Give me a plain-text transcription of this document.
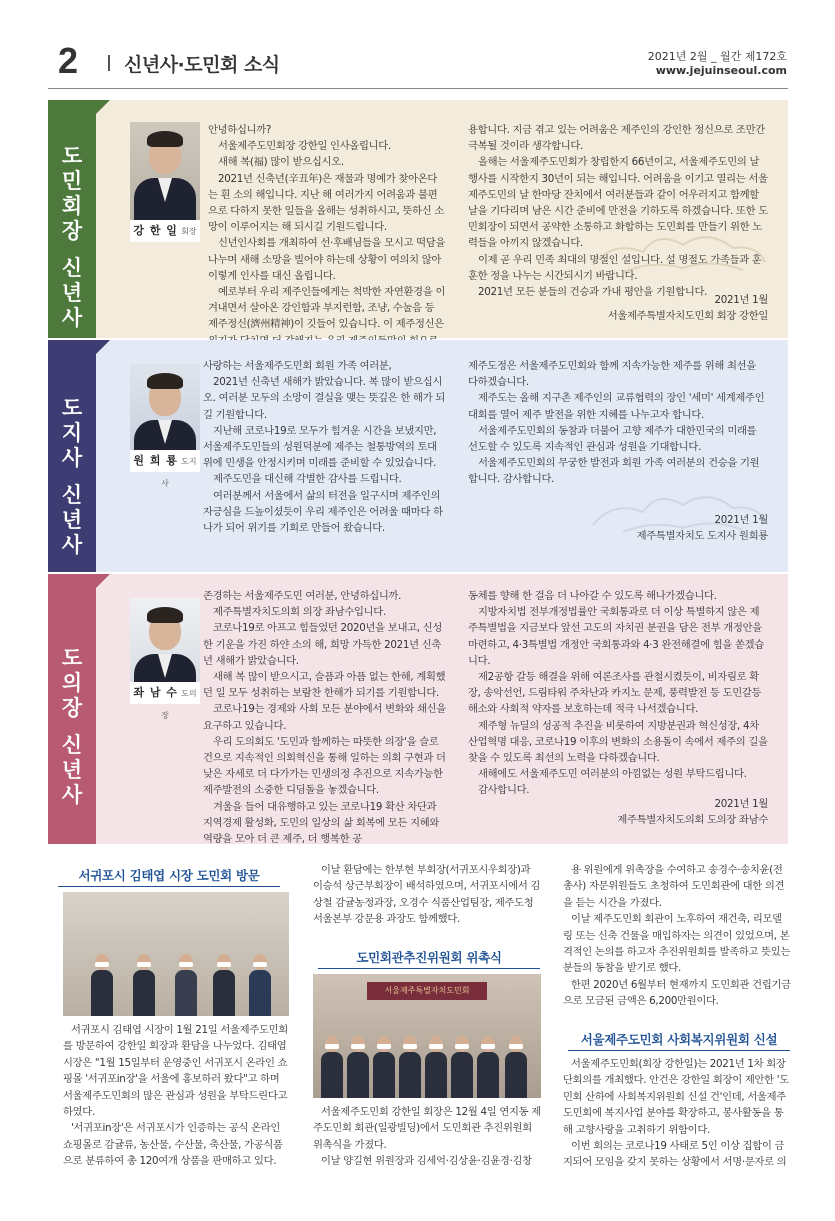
2 신년사·도민회 소식	2021년 2월 _ 월간 제172호
www.jejuinseoul.com
도
민
회
장
신
년
사
강 한 일 회장

안녕하십니까?

서울제주도민회장 강한일 인사올립니다.

새해 복(福) 많이 받으십시오.

2021년 신축년(辛丑年)은 재물과 명예가 찾아온다는 흰 소의 해입니다. 지난 해 여러가지 어려움과 불편으로 다하지 못한 일들을 올해는 성취하시고, 뜻하신 소망이 이루어지는 해 되시길 기원드립니다.

신년인사회를 개최하여 선·후배님들을 모시고 떡담을 나누며 새해 소망을 빌어야 하는데 상황이 여의치 않아 이렇게 인사를 대신 올립니다.

예로부터 우리 제주인들에게는 척박한 자연환경을 이겨내면서 살아온 강인함과 부지런함, 조냥, 수눌음 등 제주정신(濟州精神)이 깃들어 있습니다. 이 제주정신은

용합니다. 지금 겪고 있는 어려움은 제주인의 강인한 정신으로 조만간 극복될 것이라 생각합니다.

올해는 서울제주도민회가 창립한지 66년이고, 서울제주도민의 날 행사를 시작한지 30년이 되는 해입니다. 어려움을 이기고 열리는 서울제주도민의 날 한마당 잔치에서 여러분들과 같이 어우러지고 함께할 날을 기다리며 남은 시간 준비에 만전을 기하도록 하겠습니다. 또한 도민회장이 되면서 공약한 소통하고 화합하는 도민회를 만들기 위한 노력들을 아끼지 않겠습니다.

이제 곧 우리 민족 최대의 명절인 설입니다. 설 명절도 가족들과 훈훈한 정을 나누는 시간되시기 바랍니다.

2021년 모든 분들의 건승과 가내 평안을 기원합니다.

2021년 1월
서울제주특별자치도민회 회장 강한일
도
지
사
신
년
사
원 희 룡 도지사

사랑하는 서울제주도민회 회원 가족 여러분,

2021년 신축년 새해가 밝았습니다. 복 많이 받으십시오. 여러분 모두의 소망이 결실을 맺는 뜻깊은 한 해가 되길 기원합니다.

지난해 코로나19로 모두가 힘겨운 시간을 보냈지만, 서울제주도민들의 성원덕분에 제주는 철통방역의 토대 위에 민생을 안정시키며 미래를 준비할 수 있었습니다.

제주도민을 대신해 각별한 감사를 드립니다.

여러분께서 서울에서 삶의 터전을 일구시며 제주인의 자긍심을 드높이셨듯이 우리 제주인은 어려울 때마다 하나가 되어 위기를 기회로 만들어 왔습니다.

제주도정은 서울제주도민회와 함께 지속가능한 제주를 위해 최선을 다하겠습니다.

제주도는 올해 지구촌 제주인의 교류협력의 장인 '세미' 세계제주인대회를 열어 제주 발전을 위한 지혜를 나누고자 합니다.

서울제주도민회의 동참과 더불어 고향 제주가 대한민국의 미래를 선도할 수 있도록 지속적인 관심과 성원을 기대합니다.

서울제주도민회의 무궁한 발전과 회원 가족 여러분의 건승을 기원합니다. 감사합니다.

2021년 1월
제주특별자치도 도지사 원희룡
도
의
장
신
년
사
좌 남 수 도의장

존경하는 서울제주도민 여러분, 안녕하십니까.

제주특별자치도의회 의장 좌남수입니다.

코로나19로 아프고 힘들었던 2020년을 보내고, 신성한 기운을 가진 하얀 소의 해, 희망 가득한 2021년 신축년 새해가 밝았습니다.

새해 복 많이 받으시고, 슬픔과 아픔 없는 한해, 계획했던 일 모두 성취하는 보람찬 한해가 되기를 기원합니다.

코로나19는 경제와 사회 모든 분야에서 변화와 쇄신을 요구하고 있습니다.

우리 도의회도 '도민과 함께하는 따뜻한 의장'을 슬로건으로 지속적인 의회혁신을 통해 일하는 의회 구현과 더 낮은 자세로 더 다가가는 민생의정 추진으로 지속가능한 제주발전의 소중한 디딤돌을 놓겠습니다.

겨울을 들어 대유행하고 있는 코로나19 확산 차단과 지역경제 활성화, 도민의 일상의 삶 회복에 모든 지혜와 역량을 모아 더 큰 제주, 더 행복한 공

동체를 향해 한 걸음 더 나아갈 수 있도록 해나가겠습니다.

지방자치법 전부개정법률안 국회통과로 더 이상 특별하지 않은 제주특별법을 지금보다 앞선 고도의 자치권 분권을 담은 전부 개정안을 마련하고, 4·3특별법 개정안 국회통과와 4·3 완전해결에 힘을 쏟겠습니다.

제2공항 갈등 해결을 위해 여론조사를 관철시켰듯이, 비자림로 확장, 송악선언, 드림타워 주차난과 카지노 문제, 풍력발전 등 도민갈등 해소와 사회적 약자를 보호하는데 적극 나서겠습니다.

제주형 뉴딜의 성공적 추진을 비롯하여 지방분권과 혁신성장, 4차 산업혁명 대응, 코로나19 이후의 변화의 소용돌이 속에서 제주의 길을 찾을 수 있도록 최선의 노력을 다하겠습니다.

새해에도 서울제주도민 여러분의 아낌없는 성원 부탁드립니다.

감사합니다.

2021년 1월
제주특별자치도의회 도의장 좌남수
서귀포시 김태엽 시장 도민회 방문

서귀포시 김태엽 시장이 1월 21일 서울제주도민회를 방문하여 강한일 회장과 환담을 나누었다. 김태엽 시장은 "1월 15일부터 운영중인 서귀포시 온라인 쇼핑몰 '서귀포in장'을 서울에 홍보하러 왔다"고 하며 서울제주도민회의 많은 관심과 성원을 부탁드린다고 하였다.

'서귀포in장'은 서귀포시가 인증하는 공식 온라인 쇼핑몰로 감귤류, 농산물, 수산물, 축산물, 가공식품으로 분류하여 총 120여개 상품을 판매하고 있다.

이날 환담에는 한부현 부회장(서귀포시우회장)과 이승석 상근부회장이 배석하였으며, 서귀포시에서 김상철 감귤농정과장, 오경수 식품산업팀장, 제주도청 서울본부 강문용 과장도 함께했다.

도민회관추진위원회 위촉식
서울제주특별자치도민회

서울제주도민회 강한일 회장은 12월 4일 연지동 제주도민회 회관(일광빌딩)에서 도민회관 추진위원회 위촉식을 가졌다.

이날 양길현 위원장과 김세억·김상윤·김윤경·김창

용 위원에게 위촉장을 수여하고 송경수·송치윤(전 총사) 자문위원들도 초청하여 도민회관에 대한 의견을 듣는 시간을 가졌다.

이날 제주도민회 회관이 노후하여 재건축, 리모델링 또는 신축 건물을 매입하자는 의견이 있었으며, 본격적인 논의를 하고자 추진위원회를 발족하고 뜻있는 분들의 동참을 받기로 했다.

한편 2020년 6월부터 현재까지 도민회관 건립기금으로 모금된 금액은 6,200만원이다.

서울제주도민회 사회복지위원회 신설

서울제주도민회(회장 강한일)는 2021년 1차 회장단회의를 개최했다. 안건은 강한일 회장이 제안한 '도민회 산하에 사회복지위원회 신설 건'인데, 서울제주도민회에 복지사업 분야를 확장하고, 봉사활동을 통해 고향사랑을 고취하기 위함이다.

이번 회의는 코로나19 사태로 5인 이상 집합이 금지되어 모임을 갖지 못하는 상황에서 서명·문자로 의
